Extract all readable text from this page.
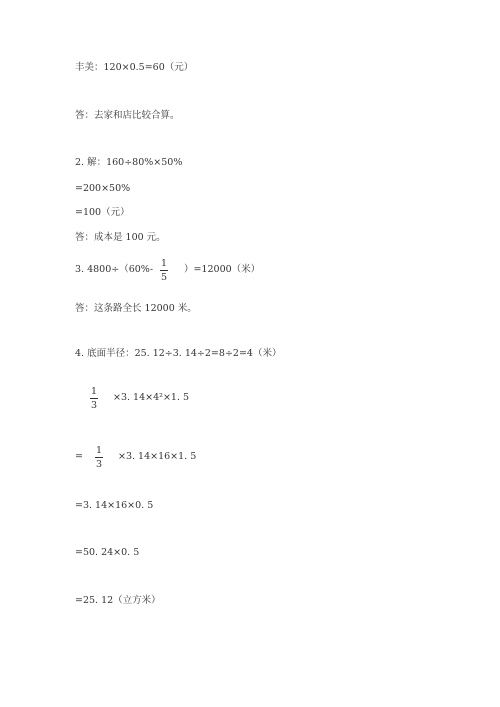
丰美：120×0.5=60（元）
答：去家和店比较合算。
2. 解：160÷80%×50%
=200×50%
=100（元）
答：成本是 100 元。
3. 4800÷（60%-
1
5
）=12000（米）
答：这条路全长 12000 米。
4. 底面半径：25. 12÷3. 14÷2=8÷2=4（米）
1
3
×3. 14×4²×1. 5
=
1
3
×3. 14×16×1. 5
=3. 14×16×0. 5
=50. 24×0. 5
=25. 12（立方米）
